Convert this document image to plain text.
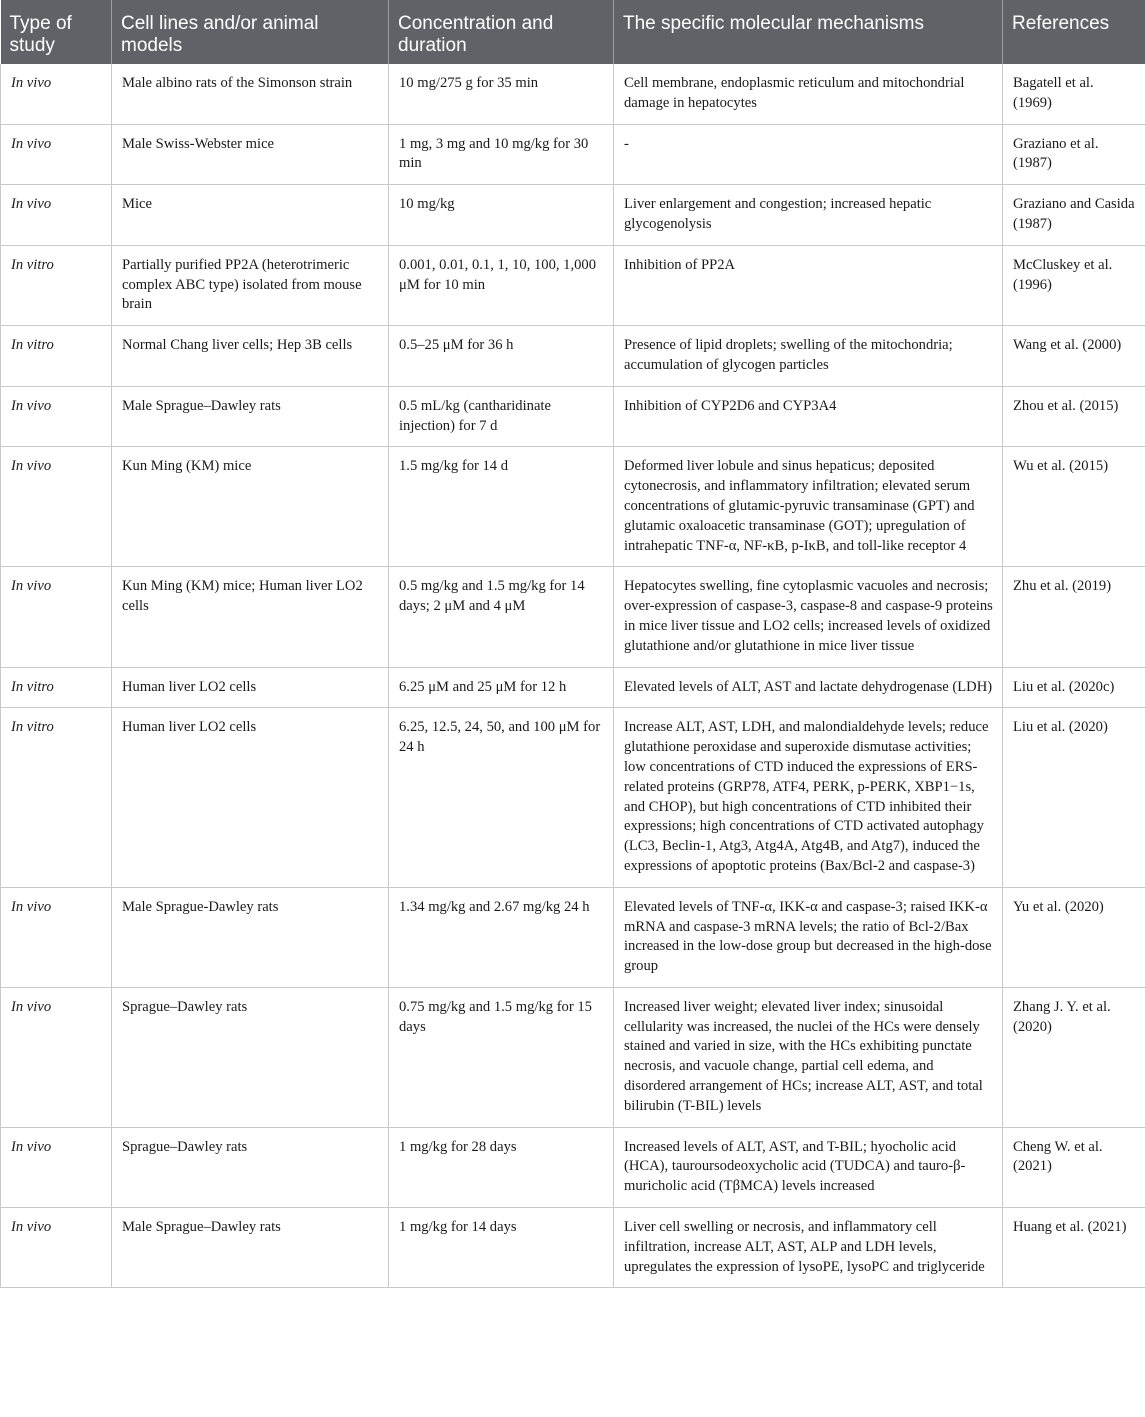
Type of study	Cell lines and/or animal models	Concentration and duration	The specific molecular mechanisms	References
In vivo	Male albino rats of the Simonson strain	10 mg/275 g for 35 min	Cell membrane, endoplasmic reticulum and mitochondrial damage in hepatocytes	Bagatell et al. (1969)
In vivo	Male Swiss-Webster mice	1 mg, 3 mg and 10 mg/kg for 30 min	-	Graziano et al. (1987)
In vivo	Mice	10 mg/kg	Liver enlargement and congestion; increased hepatic glycogenolysis	Graziano and Casida (1987)
In vitro	Partially purified PP2A (heterotrimeric complex ABC type) isolated from mouse brain	0.001, 0.01, 0.1, 1, 10, 100, 1,000 μM for 10 min	Inhibition of PP2A	McCluskey et al. (1996)
In vitro	Normal Chang liver cells; Hep 3B cells	0.5–25 μM for 36 h	Presence of lipid droplets; swelling of the mitochondria; accumulation of glycogen particles	Wang et al. (2000)
In vivo	Male Sprague–Dawley rats	0.5 mL/kg (cantharidinate injection) for 7 d	Inhibition of CYP2D6 and CYP3A4	Zhou et al. (2015)
In vivo	Kun Ming (KM) mice	1.5 mg/kg for 14 d	Deformed liver lobule and sinus hepaticus; deposited cytonecrosis, and inflammatory infiltration; elevated serum concentrations of glutamic-pyruvic transaminase (GPT) and glutamic oxaloacetic transaminase (GOT); upregulation of intrahepatic TNF-α, NF-κB, p-IκB, and toll-like receptor 4	Wu et al. (2015)
In vivo	Kun Ming (KM) mice; Human liver LO2 cells	0.5 mg/kg and 1.5 mg/kg for 14 days; 2 μM and 4 μM	Hepatocytes swelling, fine cytoplasmic vacuoles and necrosis; over-expression of caspase-3, caspase-8 and caspase-9 proteins in mice liver tissue and LO2 cells; increased levels of oxidized glutathione and/or glutathione in mice liver tissue	Zhu et al. (2019)
In vitro	Human liver LO2 cells	6.25 μM and 25 μM for 12 h	Elevated levels of ALT, AST and lactate dehydrogenase (LDH)	Liu et al. (2020c)
In vitro	Human liver LO2 cells	6.25, 12.5, 24, 50, and 100 μM for 24 h	Increase ALT, AST, LDH, and malondialdehyde levels; reduce glutathione peroxidase and superoxide dismutase activities; low concentrations of CTD induced the expressions of ERS-related proteins (GRP78, ATF4, PERK, p-PERK, XBP1−1s, and CHOP), but high concentrations of CTD inhibited their expressions; high concentrations of CTD activated autophagy (LC3, Beclin-1, Atg3, Atg4A, Atg4B, and Atg7), induced the expressions of apoptotic proteins (Bax/Bcl-2 and caspase-3)	Liu et al. (2020)
In vivo	Male Sprague-Dawley rats	1.34 mg/kg and 2.67 mg/kg 24 h	Elevated levels of TNF-α, IKK-α and caspase-3; raised IKK-α mRNA and caspase-3 mRNA levels; the ratio of Bcl-2/Bax increased in the low-dose group but decreased in the high-dose group	Yu et al. (2020)
In vivo	Sprague–Dawley rats	0.75 mg/kg and 1.5 mg/kg for 15 days	Increased liver weight; elevated liver index; sinusoidal cellularity was increased, the nuclei of the HCs were densely stained and varied in size, with the HCs exhibiting punctate necrosis, and vacuole change, partial cell edema, and disordered arrangement of HCs; increase ALT, AST, and total bilirubin (T-BIL) levels	Zhang J. Y. et al. (2020)
In vivo	Sprague–Dawley rats	1 mg/kg for 28 days	Increased levels of ALT, AST, and T-BIL; hyocholic acid (HCA), tauroursodeoxycholic acid (TUDCA) and tauro-β-muricholic acid (TβMCA) levels increased	Cheng W. et al. (2021)
In vivo	Male Sprague–Dawley rats	1 mg/kg for 14 days	Liver cell swelling or necrosis, and inflammatory cell infiltration, increase ALT, AST, ALP and LDH levels, upregulates the expression of lysoPE, lysoPC and triglyceride	Huang et al. (2021)
